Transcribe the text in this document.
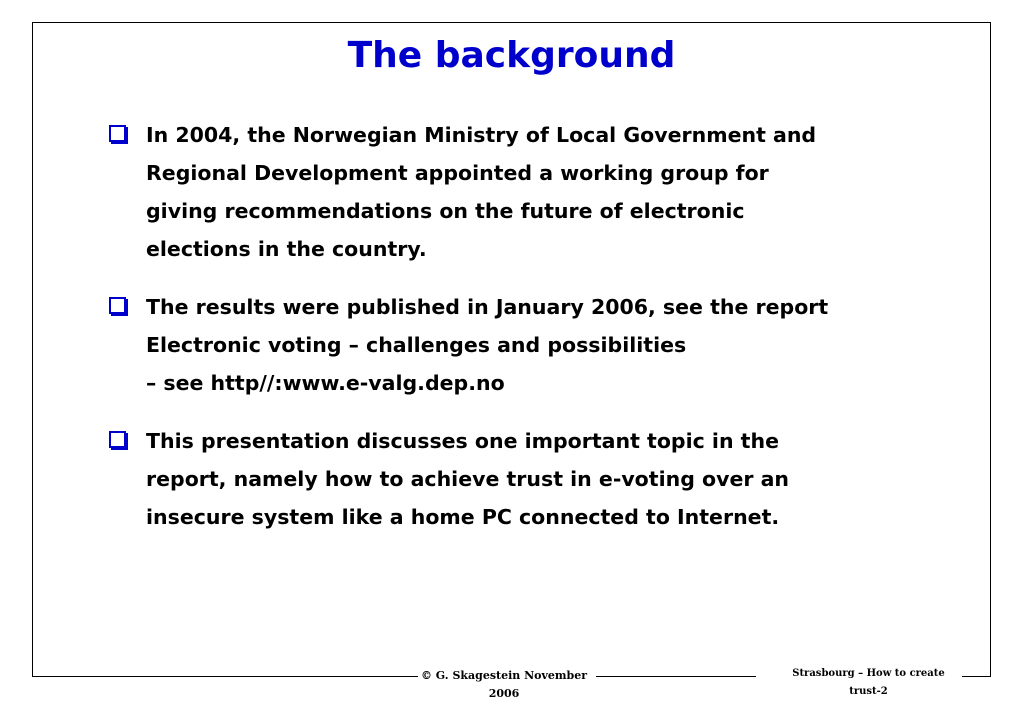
The background
In 2004, the Norwegian Ministry of Local Government and
Regional Development appointed a working group for
giving recommendations on the future of electronic
elections in the country.
The results were published in January 2006, see the report
Electronic voting – challenges and possibilities
– see http//:www.e-valg.dep.no
This presentation discusses one important topic in the
report, namely how to achieve trust in e-voting over an
insecure system like a home PC connected to Internet.
© G. Skagestein November 2006
Strasbourg – How to create trust-2
